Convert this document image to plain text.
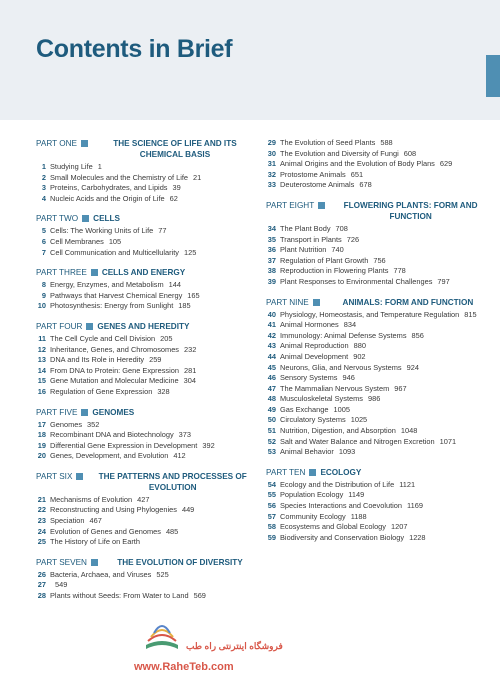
Contents in Brief
PART ONE	THE SCIENCE OF LIFE AND ITS CHEMICAL BASIS
1 Studying Life 1
2 Small Molecules and the Chemistry of Life 21
3 Proteins, Carbohydrates, and Lipids 39
4 Nucleic Acids and the Origin of Life 62
PART TWO CELLS
5 Cells: The Working Units of Life 77
6 Cell Membranes 105
7 Cell Communication and Multicellularity 125
PART THREE CELLS AND ENERGY
8 Energy, Enzymes, and Metabolism 144
9 Pathways that Harvest Chemical Energy 165
10 Photosynthesis: Energy from Sunlight 185
PART FOUR GENES AND HEREDITY
11 The Cell Cycle and Cell Division 205
12 Inheritance, Genes, and Chromosomes 232
13 DNA and Its Role in Heredity 259
14 From DNA to Protein: Gene Expression 281
15 Gene Mutation and Molecular Medicine 304
16 Regulation of Gene Expression 328
PART FIVE GENOMES
17 Genomes 352
18 Recombinant DNA and Biotechnology 373
19 Differential Gene Expression in Development 392
20 Genes, Development, and Evolution 412
PART SIX	THE PATTERNS AND PROCESSES OF EVOLUTION
21 Mechanisms of Evolution 427
22 Reconstructing and Using Phylogenies 449
23 Speciation 467
24 Evolution of Genes and Genomes 485
25 The History of Life on Earth
PART SEVEN	THE EVOLUTION OF DIVERSITY
26 Bacteria, Archaea, and Viruses 525
27	549
28 Plants without Seeds: From Water to Land 569
29 The Evolution of Seed Plants 588
30 The Evolution and Diversity of Fungi 608
31 Animal Origins and the Evolution of Body Plans 629
32 Protostome Animals 651
33 Deuterostome Animals 678
PART EIGHT	FLOWERING PLANTS: FORM AND FUNCTION
34 The Plant Body 708
35 Transport in Plants 726
36 Plant Nutrition 740
37 Regulation of Plant Growth 756
38 Reproduction in Flowering Plants 778
39 Plant Responses to Environmental Challenges 797
PART NINE	ANIMALS: FORM AND FUNCTION
40 Physiology, Homeostasis, and Temperature Regulation 815
41 Animal Hormones 834
42 Immunology: Animal Defense Systems 856
43 Animal Reproduction 880
44 Animal Development 902
45 Neurons, Glia, and Nervous Systems 924
46 Sensory Systems 946
47 The Mammalian Nervous System 967
48 Musculoskeletal Systems 986
49 Gas Exchange 1005
50 Circulatory Systems 1025
51 Nutrition, Digestion, and Absorption 1048
52 Salt and Water Balance and Nitrogen Excretion 1071
53 Animal Behavior 1093
PART TEN ECOLOGY
54 Ecology and the Distribution of Life 1121
55 Population Ecology 1149
56 Species Interactions and Coevolution 1169
57 Community Ecology 1188
58 Ecosystems and Global Ecology 1207
59 Biodiversity and Conservation Biology 1228
فروشگاه اینترنتی راه طب
www.RaheTeb.com
